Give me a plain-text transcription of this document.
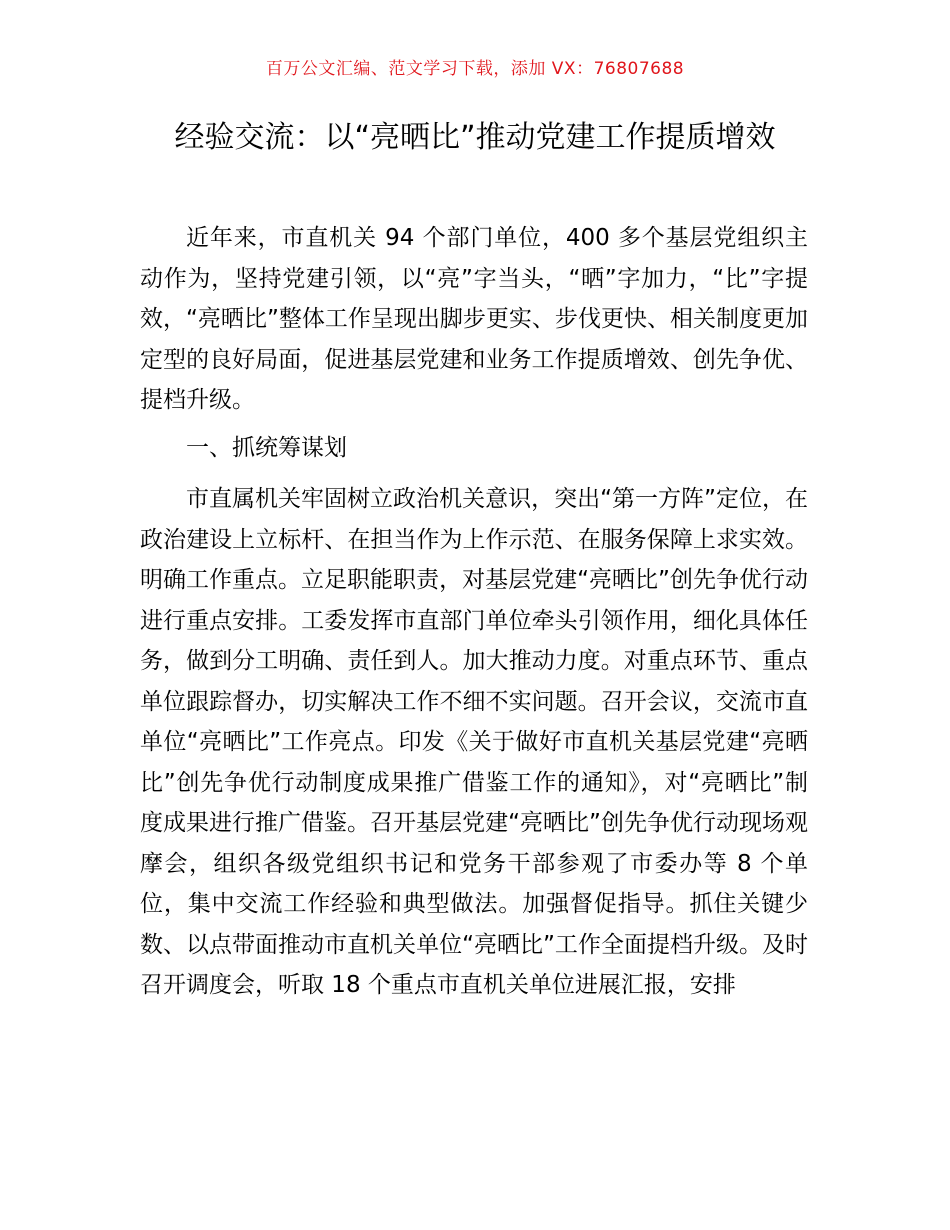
百万公文汇编、范文学习下载，添加 VX：76807688
经验交流：以“亮晒比”推动党建工作提质增效

近年来，市直机关 94 个部门单位，400 多个基层党组织主动作为，坚持党建引领，以“亮”字当头，“晒”字加力，“比”字提效，“亮晒比”整体工作呈现出脚步更实、步伐更快、相关制度更加定型的良好局面，促进基层党建和业务工作提质增效、创先争优、提档升级。

一、抓统筹谋划

市直属机关牢固树立政治机关意识，突出“第一方阵”定位，在政治建设上立标杆、在担当作为上作示范、在服务保障上求实效。明确工作重点。立足职能职责，对基层党建“亮晒比”创先争优行动进行重点安排。工委发挥市直部门单位牵头引领作用，细化具体任务，做到分工明确、责任到人。加大推动力度。对重点环节、重点单位跟踪督办，切实解决工作不细不实问题。召开会议，交流市直单位“亮晒比”工作亮点。印发《关于做好市直机关基层党建“亮晒比”创先争优行动制度成果推广借鉴工作的通知》，对“亮晒比”制度成果进行推广借鉴。召开基层党建“亮晒比”创先争优行动现场观摩会，组织各级党组织书记和党务干部参观了市委办等 8 个单位，集中交流工作经验和典型做法。加强督促指导。抓住关键少数、以点带面推动市直机关单位“亮晒比”工作全面提档升级。及时召开调度会，听取 18 个重点市直机关单位进展汇报，安排
